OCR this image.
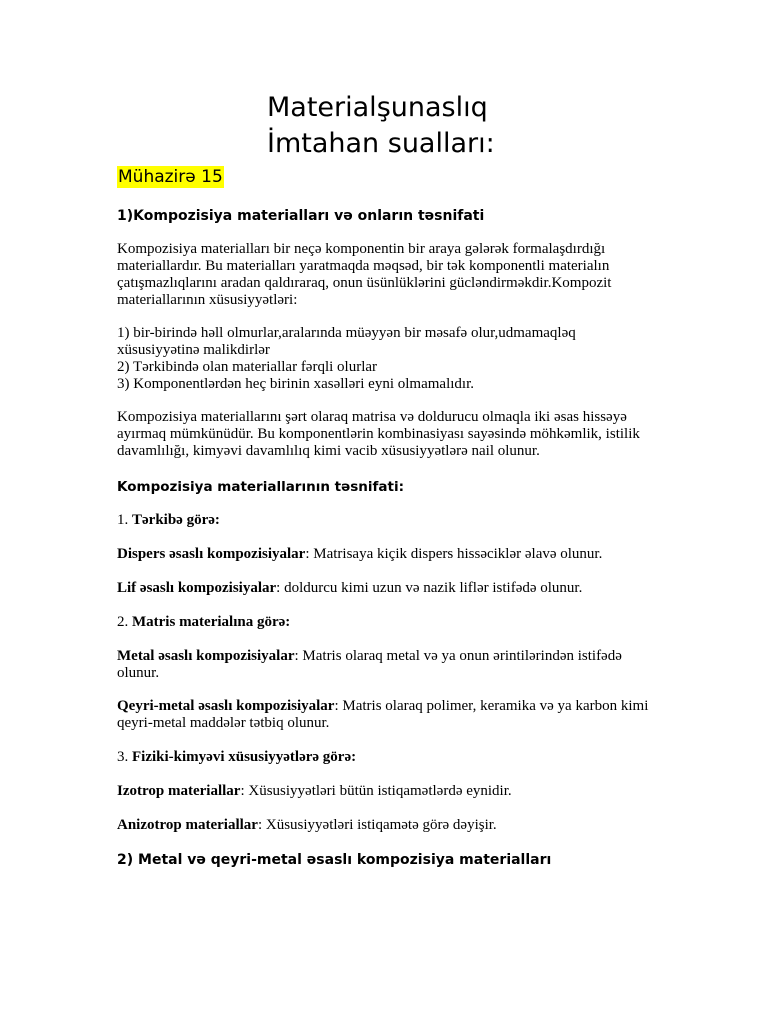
Materialşunaslıq
İmtahan sualları:
Mühazirə 15
1)Kompozisiya materialları və onların təsnifati

Kompozisiya materialları bir neçə komponentin bir araya gələrək formalaşdırdığı materiallardır. Bu materialları yaratmaqda məqsəd, bir tək komponentli materialın çatışmazlıqlarını aradan qaldıraraq, onun üsünlüklərini gücləndirməkdir.Kompozit materiallarının xüsusiyyətləri:

1) bir-birində həll olmurlar,aralarında müəyyən bir məsafə olur,udmamaqləq xüsusiyyətinə malikdirlər
2) Tərkibində olan materiallar fərqli olurlar
3) Komponentlərdən heç birinin xasəlləri eyni olmamalıdır.

Kompozisiya materiallarını şərt olaraq matrisa və doldurucu olmaqla iki əsas hissəyə ayırmaq mümkünüdür. Bu komponentlərin kombinasiyası sayəsində möhkəmlik, istilik davamlılığı, kimyəvi davamlılıq kimi vacib xüsusiyyətlərə nail olunur.

Kompozisiya materiallarının təsnifati:

1. Tərkibə görə:

Dispers əsaslı kompozisiyalar: Matrisaya kiçik dispers hissəciklər əlavə olunur.

Lif əsaslı kompozisiyalar: doldurcu kimi uzun və nazik liflər istifədə olunur.

2. Matris materialına görə:

Metal əsaslı kompozisiyalar: Matris olaraq metal və ya onun ərintilərindən istifədə olunur.

Qeyri-metal əsaslı kompozisiyalar: Matris olaraq polimer, keramika və ya karbon kimi qeyri-metal maddələr tətbiq olunur.

3. Fiziki-kimyəvi xüsusiyyətlərə görə:

Izotrop materiallar: Xüsusiyyətləri bütün istiqamətlərdə eynidir.

Anizotrop materiallar: Xüsusiyyətləri istiqamətə görə dəyişir.

2) Metal və qeyri-metal əsaslı kompozisiya materialları
